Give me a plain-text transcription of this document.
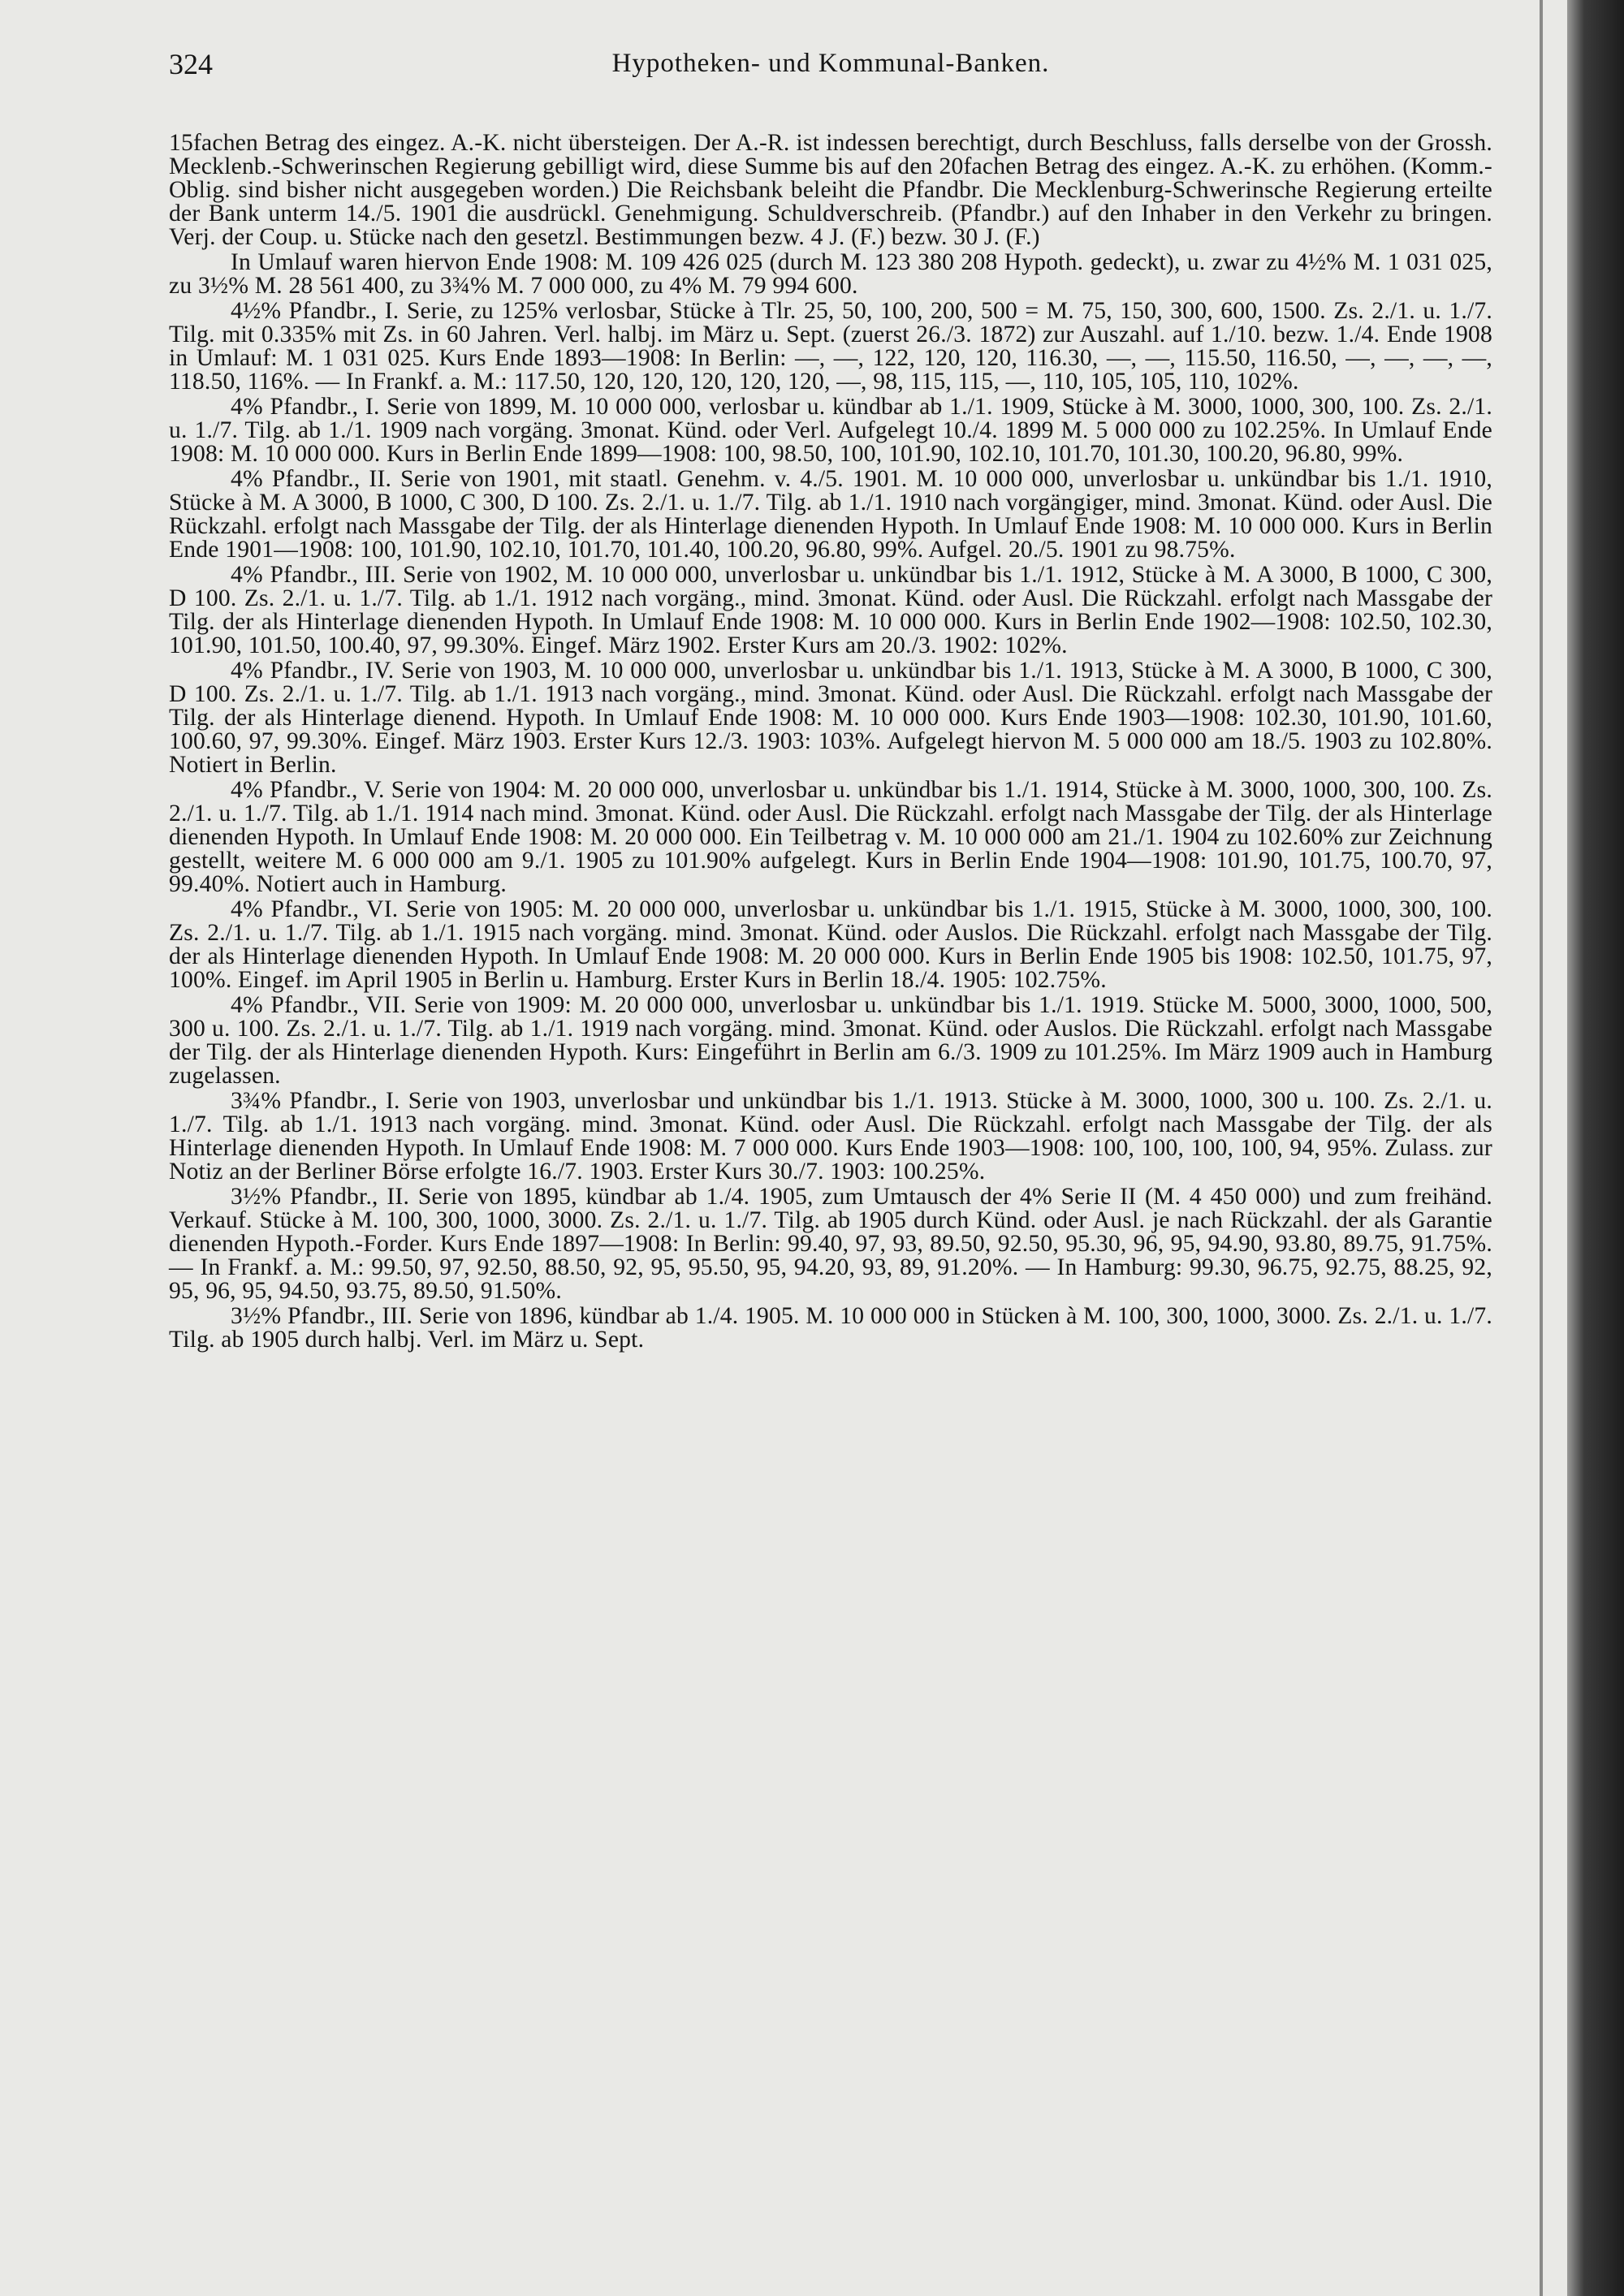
324	Hypotheken- und Kommunal-Banken.

15fachen Betrag des eingez. A.-K. nicht übersteigen. Der A.-R. ist indessen berechtigt, durch Beschluss, falls derselbe von der Grossh. Mecklenb.-Schwerinschen Regierung gebilligt wird, diese Summe bis auf den 20fachen Betrag des eingez. A.-K. zu erhöhen. (Komm.-Oblig. sind bisher nicht ausgegeben worden.) Die Reichsbank beleiht die Pfandbr. Die Mecklenburg-Schwerinsche Regierung erteilte der Bank unterm 14./5. 1901 die ausdrückl. Genehmigung. Schuldverschreib. (Pfandbr.) auf den Inhaber in den Verkehr zu bringen. Verj. der Coup. u. Stücke nach den gesetzl. Bestimmungen bezw. 4 J. (F.) bezw. 30 J. (F.)

In Umlauf waren hiervon Ende 1908: M. 109 426 025 (durch M. 123 380 208 Hypoth. gedeckt), u. zwar zu 4½% M. 1 031 025, zu 3½% M. 28 561 400, zu 3¾% M. 7 000 000, zu 4% M. 79 994 600.

4½% Pfandbr., I. Serie, zu 125% verlosbar, Stücke à Tlr. 25, 50, 100, 200, 500 = M. 75, 150, 300, 600, 1500. Zs. 2./1. u. 1./7. Tilg. mit 0.335% mit Zs. in 60 Jahren. Verl. halbj. im März u. Sept. (zuerst 26./3. 1872) zur Auszahl. auf 1./10. bezw. 1./4. Ende 1908 in Umlauf: M. 1 031 025. Kurs Ende 1893—1908: In Berlin: —, —, 122, 120, 120, 116.30, —, —, 115.50, 116.50, —, —, —, —, 118.50, 116%. — In Frankf. a. M.: 117.50, 120, 120, 120, 120, 120, —, 98, 115, 115, —, 110, 105, 105, 110, 102%.

4% Pfandbr., I. Serie von 1899, M. 10 000 000, verlosbar u. kündbar ab 1./1. 1909, Stücke à M. 3000, 1000, 300, 100. Zs. 2./1. u. 1./7. Tilg. ab 1./1. 1909 nach vorgäng. 3monat. Künd. oder Verl. Aufgelegt 10./4. 1899 M. 5 000 000 zu 102.25%. In Umlauf Ende 1908: M. 10 000 000. Kurs in Berlin Ende 1899—1908: 100, 98.50, 100, 101.90, 102.10, 101.70, 101.30, 100.20, 96.80, 99%.

4% Pfandbr., II. Serie von 1901, mit staatl. Genehm. v. 4./5. 1901. M. 10 000 000, unverlosbar u. unkündbar bis 1./1. 1910, Stücke à M. A 3000, B 1000, C 300, D 100. Zs. 2./1. u. 1./7. Tilg. ab 1./1. 1910 nach vorgängiger, mind. 3monat. Künd. oder Ausl. Die Rückzahl. erfolgt nach Massgabe der Tilg. der als Hinterlage dienenden Hypoth. In Umlauf Ende 1908: M. 10 000 000. Kurs in Berlin Ende 1901—1908: 100, 101.90, 102.10, 101.70, 101.40, 100.20, 96.80, 99%. Aufgel. 20./5. 1901 zu 98.75%.

4% Pfandbr., III. Serie von 1902, M. 10 000 000, unverlosbar u. unkündbar bis 1./1. 1912, Stücke à M. A 3000, B 1000, C 300, D 100. Zs. 2./1. u. 1./7. Tilg. ab 1./1. 1912 nach vorgäng., mind. 3monat. Künd. oder Ausl. Die Rückzahl. erfolgt nach Massgabe der Tilg. der als Hinterlage dienenden Hypoth. In Umlauf Ende 1908: M. 10 000 000. Kurs in Berlin Ende 1902—1908: 102.50, 102.30, 101.90, 101.50, 100.40, 97, 99.30%. Eingef. März 1902. Erster Kurs am 20./3. 1902: 102%.

4% Pfandbr., IV. Serie von 1903, M. 10 000 000, unverlosbar u. unkündbar bis 1./1. 1913, Stücke à M. A 3000, B 1000, C 300, D 100. Zs. 2./1. u. 1./7. Tilg. ab 1./1. 1913 nach vorgäng., mind. 3monat. Künd. oder Ausl. Die Rückzahl. erfolgt nach Massgabe der Tilg. der als Hinterlage dienend. Hypoth. In Umlauf Ende 1908: M. 10 000 000. Kurs Ende 1903—1908: 102.30, 101.90, 101.60, 100.60, 97, 99.30%. Eingef. März 1903. Erster Kurs 12./3. 1903: 103%. Aufgelegt hiervon M. 5 000 000 am 18./5. 1903 zu 102.80%. Notiert in Berlin.

4% Pfandbr., V. Serie von 1904: M. 20 000 000, unverlosbar u. unkündbar bis 1./1. 1914, Stücke à M. 3000, 1000, 300, 100. Zs. 2./1. u. 1./7. Tilg. ab 1./1. 1914 nach mind. 3monat. Künd. oder Ausl. Die Rückzahl. erfolgt nach Massgabe der Tilg. der als Hinterlage dienenden Hypoth. In Umlauf Ende 1908: M. 20 000 000. Ein Teilbetrag v. M. 10 000 000 am 21./1. 1904 zu 102.60% zur Zeichnung gestellt, weitere M. 6 000 000 am 9./1. 1905 zu 101.90% aufgelegt. Kurs in Berlin Ende 1904—1908: 101.90, 101.75, 100.70, 97, 99.40%. Notiert auch in Hamburg.

4% Pfandbr., VI. Serie von 1905: M. 20 000 000, unverlosbar u. unkündbar bis 1./1. 1915, Stücke à M. 3000, 1000, 300, 100. Zs. 2./1. u. 1./7. Tilg. ab 1./1. 1915 nach vorgäng. mind. 3monat. Künd. oder Auslos. Die Rückzahl. erfolgt nach Massgabe der Tilg. der als Hinterlage dienenden Hypoth. In Umlauf Ende 1908: M. 20 000 000. Kurs in Berlin Ende 1905 bis 1908: 102.50, 101.75, 97, 100%. Eingef. im April 1905 in Berlin u. Hamburg. Erster Kurs in Berlin 18./4. 1905: 102.75%.

4% Pfandbr., VII. Serie von 1909: M. 20 000 000, unverlosbar u. unkündbar bis 1./1. 1919. Stücke M. 5000, 3000, 1000, 500, 300 u. 100. Zs. 2./1. u. 1./7. Tilg. ab 1./1. 1919 nach vorgäng. mind. 3monat. Künd. oder Auslos. Die Rückzahl. erfolgt nach Massgabe der Tilg. der als Hinterlage dienenden Hypoth. Kurs: Eingeführt in Berlin am 6./3. 1909 zu 101.25%. Im März 1909 auch in Hamburg zugelassen.

3¾% Pfandbr., I. Serie von 1903, unverlosbar und unkündbar bis 1./1. 1913. Stücke à M. 3000, 1000, 300 u. 100. Zs. 2./1. u. 1./7. Tilg. ab 1./1. 1913 nach vorgäng. mind. 3monat. Künd. oder Ausl. Die Rückzahl. erfolgt nach Massgabe der Tilg. der als Hinterlage dienenden Hypoth. In Umlauf Ende 1908: M. 7 000 000. Kurs Ende 1903—1908: 100, 100, 100, 100, 94, 95%. Zulass. zur Notiz an der Berliner Börse erfolgte 16./7. 1903. Erster Kurs 30./7. 1903: 100.25%.

3½% Pfandbr., II. Serie von 1895, kündbar ab 1./4. 1905, zum Umtausch der 4% Serie II (M. 4 450 000) und zum freihänd. Verkauf. Stücke à M. 100, 300, 1000, 3000. Zs. 2./1. u. 1./7. Tilg. ab 1905 durch Künd. oder Ausl. je nach Rückzahl. der als Garantie dienenden Hypoth.-Forder. Kurs Ende 1897—1908: In Berlin: 99.40, 97, 93, 89.50, 92.50, 95.30, 96, 95, 94.90, 93.80, 89.75, 91.75%. — In Frankf. a. M.: 99.50, 97, 92.50, 88.50, 92, 95, 95.50, 95, 94.20, 93, 89, 91.20%. — In Hamburg: 99.30, 96.75, 92.75, 88.25, 92, 95, 96, 95, 94.50, 93.75, 89.50, 91.50%.

3½% Pfandbr., III. Serie von 1896, kündbar ab 1./4. 1905. M. 10 000 000 in Stücken à M. 100, 300, 1000, 3000. Zs. 2./1. u. 1./7. Tilg. ab 1905 durch halbj. Verl. im März u. Sept.
